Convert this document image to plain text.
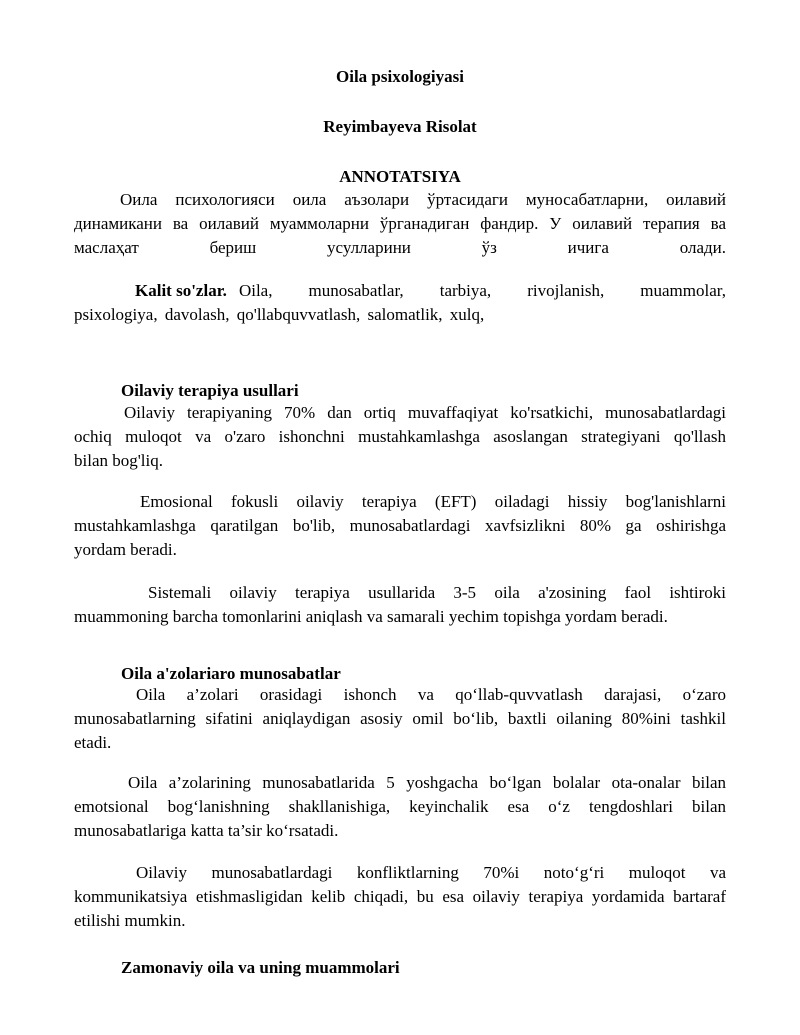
Oila psixologiyasi
Reyimbayeva Risolat
ANNOTATSIYA
Оила психологияси оила аъзолари ўртасидаги муносабатларни, оилавий
динамикани ва оилавий муаммоларни ўрганадиган фандир. У оилавий терапия ва
маслаҳат бериш усулларини ўз ичига олади.
Kalit so'zlar. Oila, munosabatlar, tarbiya, rivojlanish, muammolar,
psixologiya, davolash, qo'llabquvvatlash, salomatlik, xulq,
Oilaviy terapiya usullari
Oilaviy terapiyaning 70% dan ortiq muvaffaqiyat ko'rsatkichi, munosabatlardagi
ochiq muloqot va o'zaro ishonchni mustahkamlashga asoslangan strategiyani qo'llash
bilan bog'liq.
Emosional fokusli oilaviy terapiya (EFT) oiladagi hissiy bog'lanishlarni
mustahkamlashga qaratilgan bo'lib, munosabatlardagi xavfsizlikni 80% ga oshirishga
yordam beradi.
Sistemali oilaviy terapiya usullarida 3-5 oila a'zosining faol ishtiroki
muammoning barcha tomonlarini aniqlash va samarali yechim topishga yordam beradi.
Oila a'zolariaro munosabatlar
Oila a’zolari orasidagi ishonch va qo‘llab-quvvatlash darajasi, o‘zaro
munosabatlarning sifatini aniqlaydigan asosiy omil bo‘lib, baxtli oilaning 80%ini tashkil
etadi.
Oila a’zolarining munosabatlarida 5 yoshgacha bo‘lgan bolalar ota-onalar bilan
emotsional bog‘lanishning shakllanishiga, keyinchalik esa o‘z tengdoshlari bilan
munosabatlariga katta ta’sir ko‘rsatadi.
Oilaviy munosabatlardagi konfliktlarning 70%i noto‘g‘ri muloqot va
kommunikatsiya etishmasligidan kelib chiqadi, bu esa oilaviy terapiya yordamida bartaraf
etilishi mumkin.
Zamonaviy oila va uning muammolari
